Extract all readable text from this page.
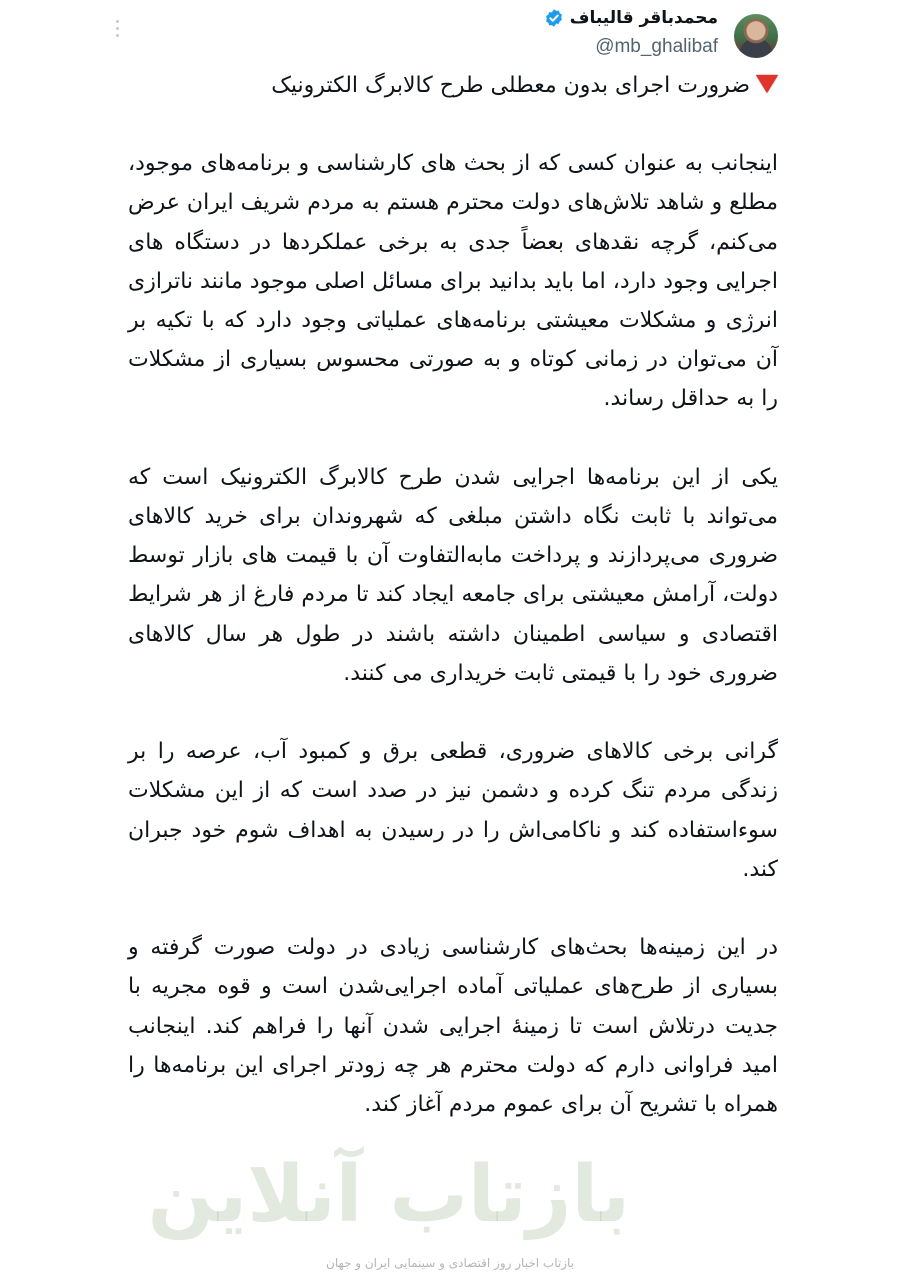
محمدباقر قالیباف
@mb_ghalibaf
ضرورت اجرای بدون معطلی طرح کالابرگ الکترونیک
اینجانب به عنوان کسی که از بحث های کارشناسی و برنامه‌های موجود، مطلع و شاهد تلاش‌های دولت محترم هستم به مردم شریف ایران عرض می‌کنم، گرچه نقدهای بعضاً جدی به برخی عملکردها در دستگاه های اجرایی وجود دارد، اما باید بدانید برای مسائل اصلی موجود مانند ناترازی انرژی و مشکلات معیشتی برنامه‌های عملیاتی وجود دارد که با تکیه بر آن می‌توان در زمانی کوتاه و به صورتی محسوس بسیاری از مشکلات را به حداقل رساند.
یکی از این برنامه‌ها اجرایی شدن طرح کالابرگ الکترونیک است که می‌تواند با ثابت نگاه داشتن مبلغی که شهروندان برای خرید کالاهای ضروری می‌پردازند و پرداخت مابه‌التفاوت آن با قیمت های بازار توسط دولت، آرامش معیشتی برای جامعه ایجاد کند تا مردم فارغ از هر شرایط اقتصادی و سیاسی اطمینان داشته باشند در طول هر سال کالاهای ضروری خود را با قیمتی ثابت خریداری می کنند.
گرانی برخی کالاهای ضروری، قطعی برق و کمبود آب، عرصه را بر زندگی مردم تنگ کرده و دشمن نیز در صدد است که از این مشکلات سوءاستفاده کند و ناکامی‌اش را در رسیدن به اهداف شوم خود جبران کند.
در این زمینه‌ها بحث‌های کارشناسی زیادی در دولت صورت گرفته و بسیاری از طرح‌های عملیاتی آماده اجرایی‌شدن است و قوه مجریه با جدیت درتلاش است تا زمینهٔ اجرایی شدن آنها را فراهم کند. اینجانب امید فراوانی دارم که دولت محترم هر چه زودتر اجرای این برنامه‌ها را همراه با تشریح آن برای عموم مردم آغاز کند.
بازتاب آنلاین
بازتاب اخبار روز اقتصادی و سینمایی ایران و جهان
